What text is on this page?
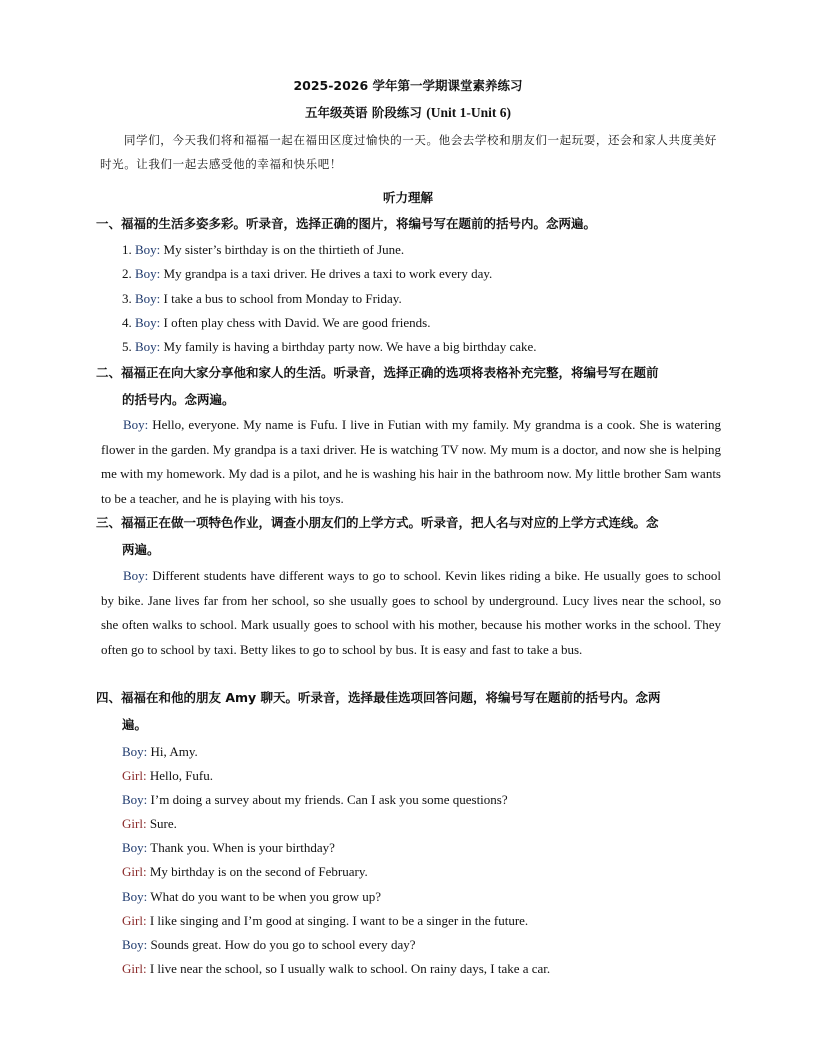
2025-2026 学年第一学期课堂素养练习
五年级英语 阶段练习 (Unit 1-Unit 6)
同学们，今天我们将和福福一起在福田区度过愉快的一天。他会去学校和朋友们一起玩耍，还会和家人共度美好时光。让我们一起去感受他的幸福和快乐吧！
听力理解
一、福福的生活多姿多彩。听录音，选择正确的图片，将编号写在题前的括号内。念两遍。
1. Boy: My sister’s birthday is on the thirtieth of June.
2. Boy: My grandpa is a taxi driver. He drives a taxi to work every day.
3. Boy: I take a bus to school from Monday to Friday.
4. Boy: I often play chess with David. We are good friends.
5. Boy: My family is having a birthday party now. We have a big birthday cake.
二、福福正在向大家分享他和家人的生活。听录音，选择正确的选项将表格补充完整，将编号写在题前
的括号内。念两遍。
Boy: Hello, everyone. My name is Fufu. I live in Futian with my family. My grandma is a cook. She is watering flower in the garden. My grandpa is a taxi driver. He is watching TV now. My mum is a doctor, and now she is helping me with my homework. My dad is a pilot, and he is washing his hair in the bathroom now. My little brother Sam wants to be a teacher, and he is playing with his toys.
三、福福正在做一项特色作业，调查小朋友们的上学方式。听录音，把人名与对应的上学方式连线。念
两遍。
Boy: Different students have different ways to go to school. Kevin likes riding a bike. He usually goes to school by bike. Jane lives far from her school, so she usually goes to school by underground. Lucy lives near the school, so she often walks to school. Mark usually goes to school with his mother, because his mother works in the school. They often go to school by taxi. Betty likes to go to school by bus. It is easy and fast to take a bus.
四、福福在和他的朋友 Amy 聊天。听录音，选择最佳选项回答问题，将编号写在题前的括号内。念两
遍。
Boy: Hi, Amy.
Girl: Hello, Fufu.
Boy: I’m doing a survey about my friends. Can I ask you some questions?
Girl: Sure.
Boy: Thank you. When is your birthday?
Girl: My birthday is on the second of February.
Boy: What do you want to be when you grow up?
Girl: I like singing and I’m good at singing. I want to be a singer in the future.
Boy: Sounds great. How do you go to school every day?
Girl: I live near the school, so I usually walk to school. On rainy days, I take a car.
